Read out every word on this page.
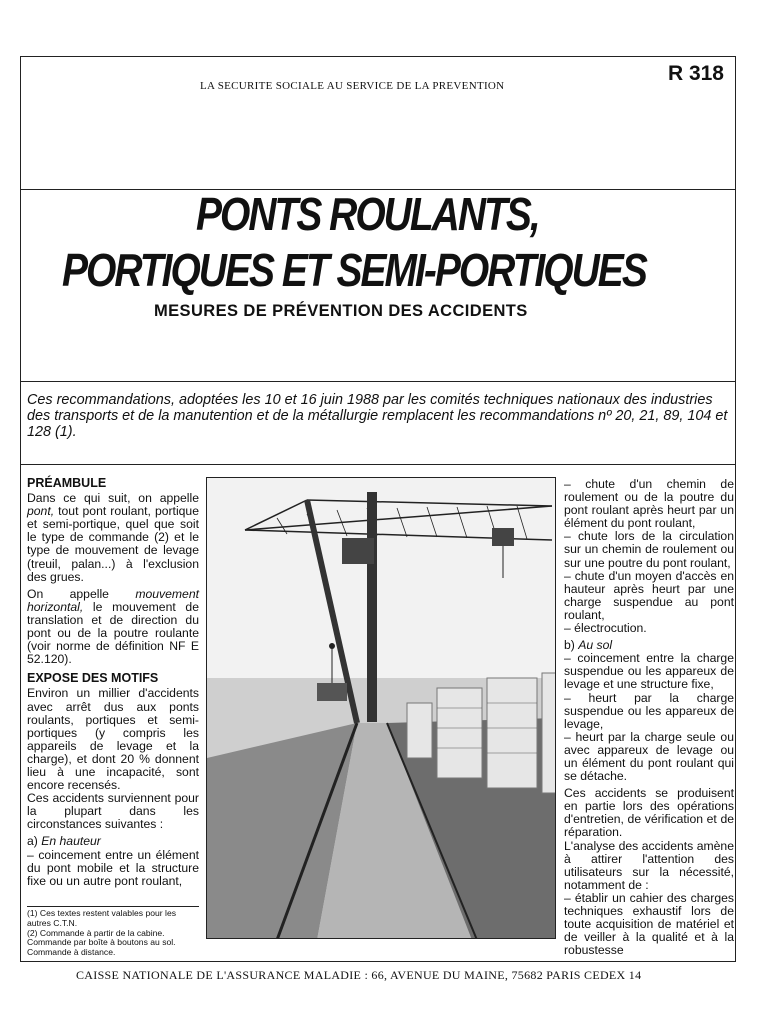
LA SECURITE SOCIALE AU SERVICE DE LA PREVENTION
R 318
PONTS ROULANTS,
PORTIQUES ET SEMI-PORTIQUES
MESURES DE PRÉVENTION DES ACCIDENTS

Ces recommandations, adoptées les 10 et 16 juin 1988 par les comités techniques nationaux des industries des transports et de la manutention et de la métallurgie remplacent les recommandations nº 20, 21, 89, 104 et 128 (1).

PRÉAMBULE

Dans ce qui suit, on appelle pont, tout pont roulant, portique et semi-portique, quel que soit le type de commande (2) et le type de mouvement de levage (treuil, palan...) à l'exclusion des grues.

On appelle mouvement horizontal, le mouvement de translation et de direction du pont ou de la poutre roulante (voir norme de définition NF E 52.120).

EXPOSE DES MOTIFS

Environ un millier d'accidents avec arrêt dus aux ponts roulants, portiques et semi-portiques (y compris les appareils de levage et la charge), et dont 20 % donnent lieu à une incapacité, sont encore recensés.

Ces accidents surviennent pour la plupart dans les circonstances suivantes :

a) En hauteur

– coincement entre un élément du pont mobile et la structure fixe ou un autre pont roulant,

(1) Ces textes restent valables pour les autres C.T.N.
(2) Commande à partir de la cabine. Commande par boîte à boutons au sol. Commande à distance.

– chute d'un chemin de roulement ou de la poutre du pont roulant après heurt par un élément du pont roulant,

– chute lors de la circulation sur un chemin de roulement ou sur une poutre du pont roulant,

– chute d'un moyen d'accès en hauteur après heurt par une charge suspendue au pont roulant,

– électrocution.

b) Au sol

– coincement entre la charge suspendue ou les appareux de levage et une structure fixe,

– heurt par la charge suspendue ou les appareux de levage,

– heurt par la charge seule ou avec appareux de levage ou un élément du pont roulant qui se détache.

Ces accidents se produisent en partie lors des opérations d'entretien, de vérification et de réparation.

L'analyse des accidents amène à attirer l'attention des utilisateurs sur la nécessité, notamment de :

– établir un cahier des charges techniques exhaustif lors de toute acquisition de matériel et de veiller à la qualité et à la robustesse

CAISSE NATIONALE DE L'ASSURANCE MALADIE : 66, AVENUE DU MAINE, 75682 PARIS CEDEX 14
